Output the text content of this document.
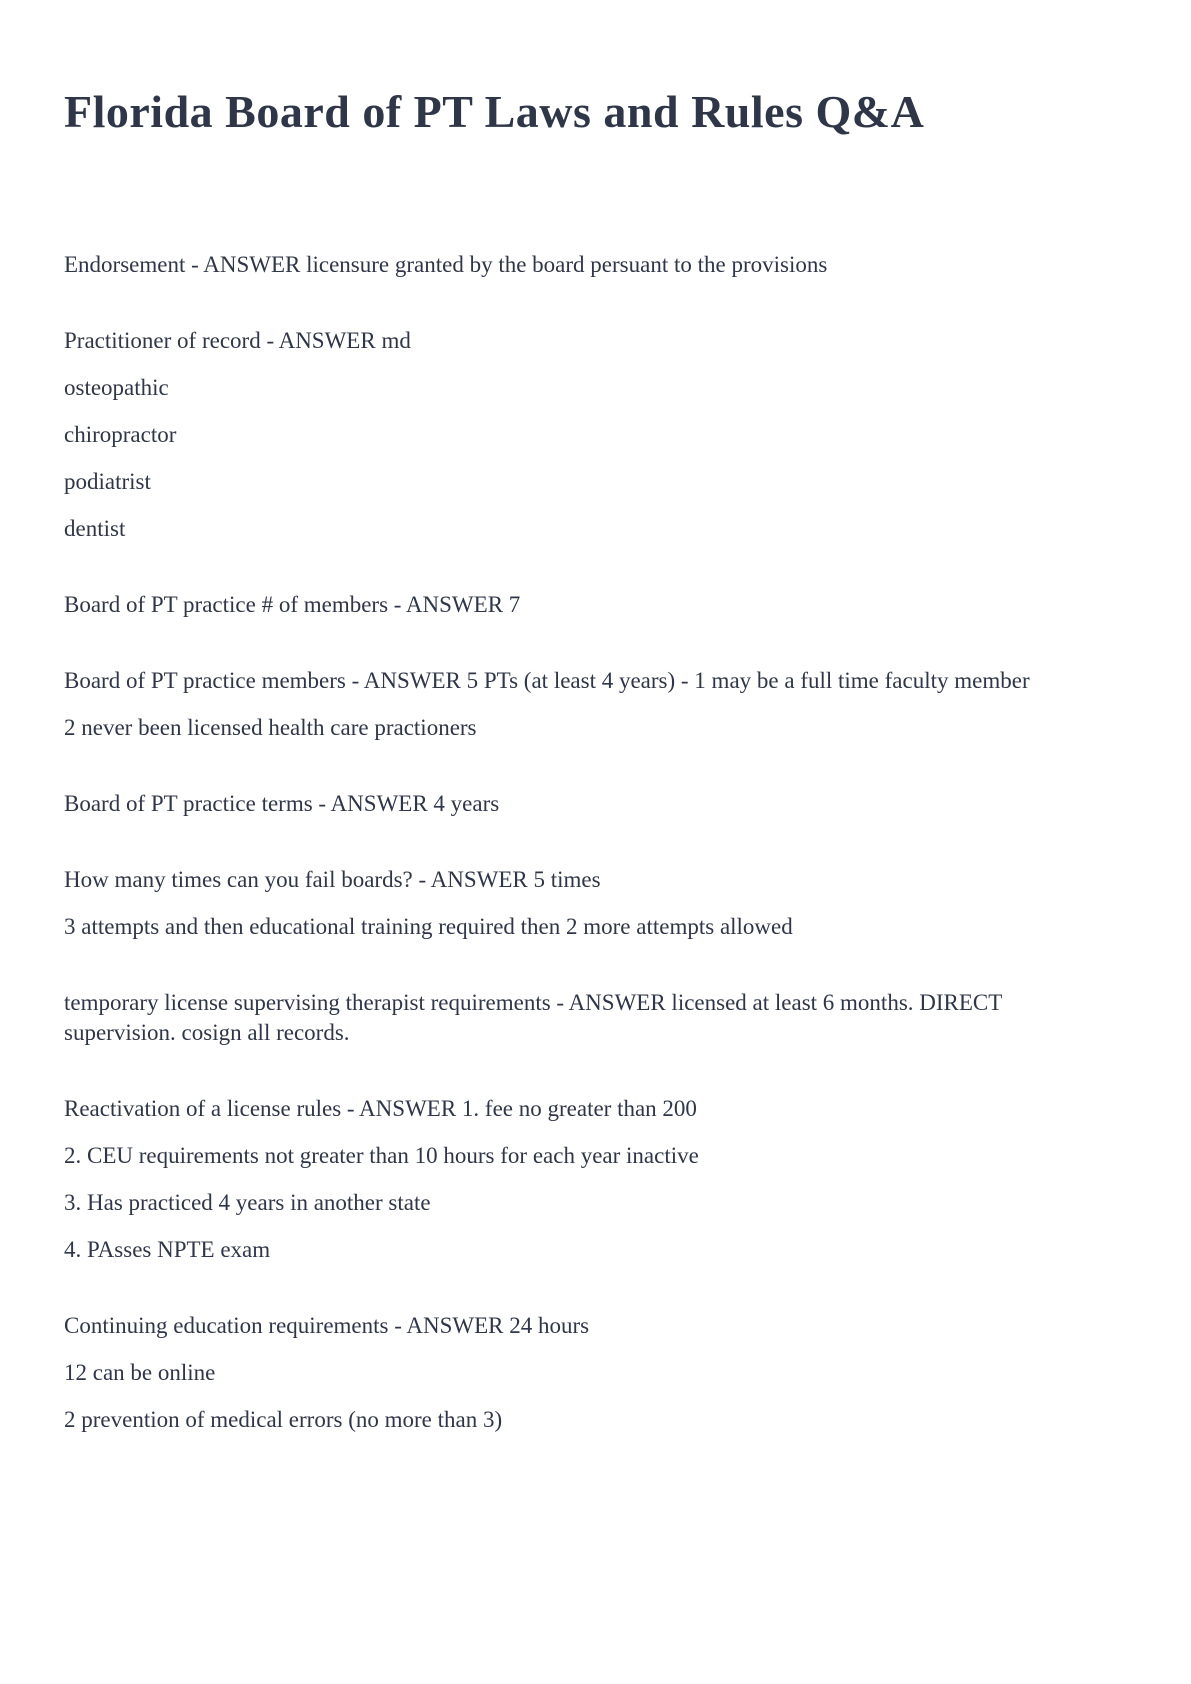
Florida Board of PT Laws and Rules Q&A
Endorsement - ANSWER licensure granted by the board persuant to the provisions
Practitioner of record - ANSWER md
osteopathic
chiropractor
podiatrist
dentist
Board of PT practice # of members - ANSWER 7
Board of PT practice members - ANSWER 5 PTs (at least 4 years) - 1 may be a full time faculty member
2 never been licensed health care practioners
Board of PT practice terms - ANSWER 4 years
How many times can you fail boards? - ANSWER 5 times
3 attempts and then educational training required then 2 more attempts allowed
temporary license supervising therapist requirements - ANSWER licensed at least 6 months. DIRECT
supervision. cosign all records.
Reactivation of a license rules - ANSWER 1. fee no greater than 200
2. CEU requirements not greater than 10 hours for each year inactive
3. Has practiced 4 years in another state
4. PAsses NPTE exam
Continuing education requirements - ANSWER 24 hours
12 can be online
2 prevention of medical errors (no more than 3)
